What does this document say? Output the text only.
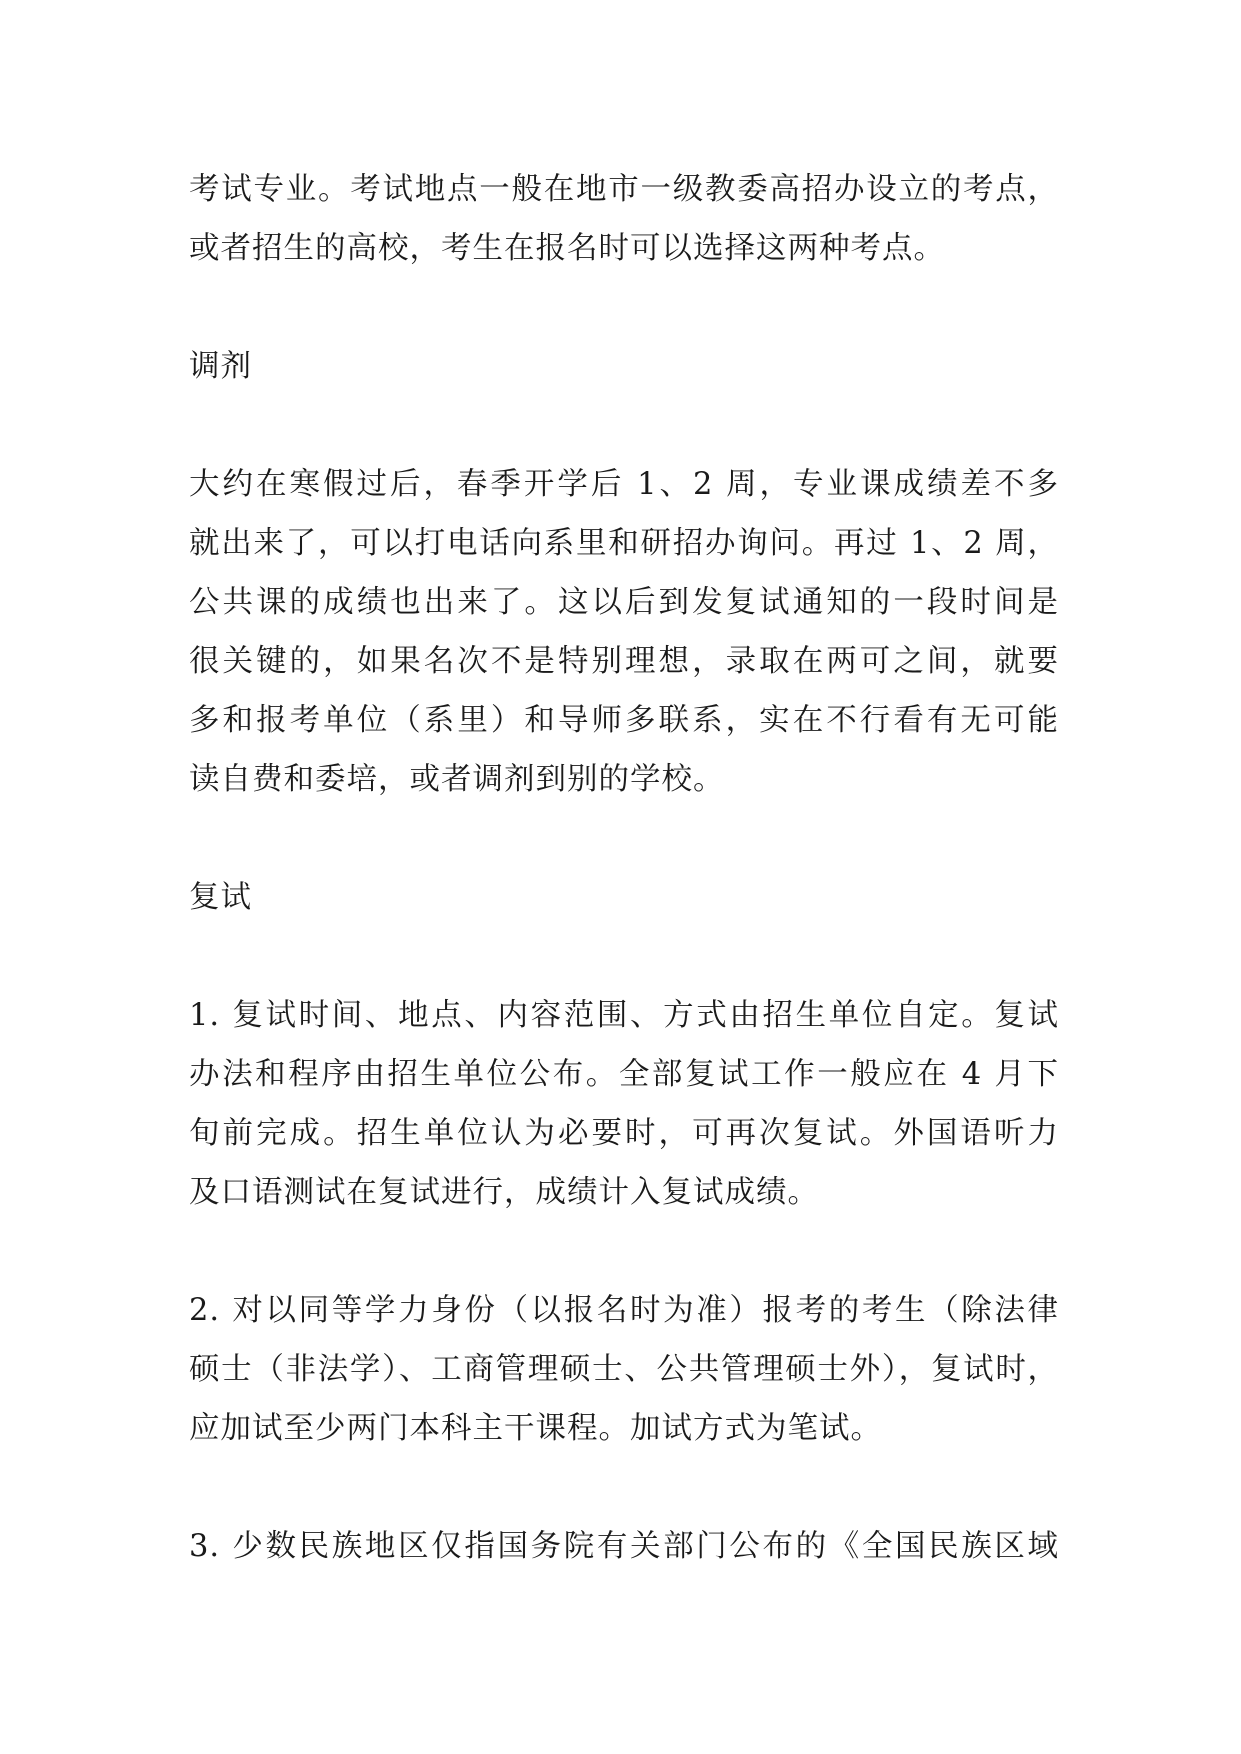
考试专业。考试地点一般在地市一级教委高招办设立的考点，
或者招生的高校，考生在报名时可以选择这两种考点。
调剂
大约在寒假过后，春季开学后 1、2 周，专业课成绩差不多
就出来了，可以打电话向系里和研招办询问。再过 1、2 周，
公共课的成绩也出来了。这以后到发复试通知的一段时间是
很关键的，如果名次不是特别理想，录取在两可之间，就要
多和报考单位（系里）和导师多联系，实在不行看有无可能
读自费和委培，或者调剂到别的学校。
复试
1. 复试时间、地点、内容范围、方式由招生单位自定。复试
办法和程序由招生单位公布。全部复试工作一般应在 4 月下
旬前完成。招生单位认为必要时，可再次复试。外国语听力
及口语测试在复试进行，成绩计入复试成绩。
2. 对以同等学力身份（以报名时为准）报考的考生（除法律
硕士（非法学）、工商管理硕士、公共管理硕士外），复试时，
应加试至少两门本科主干课程。加试方式为笔试。
3. 少数民族地区仅指国务院有关部门公布的《全国民族区域
